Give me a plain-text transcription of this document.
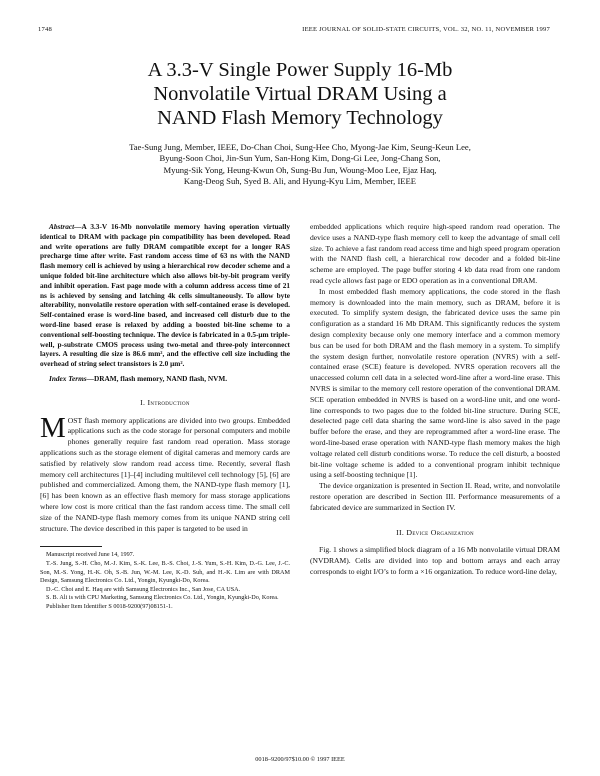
1748	IEEE JOURNAL OF SOLID-STATE CIRCUITS, VOL. 32, NO. 11, NOVEMBER 1997
A 3.3-V Single Power Supply 16-Mb
Nonvolatile Virtual DRAM Using a
NAND Flash Memory Technology
Tae-Sung Jung, Member, IEEE, Do-Chan Choi, Sung-Hee Cho, Myong-Jae Kim, Seung-Keun Lee,
Byung-Soon Choi, Jin-Sun Yum, San-Hong Kim, Dong-Gi Lee, Jong-Chang Son,
Myung-Sik Yong, Heung-Kwun Oh, Sung-Bu Jun, Woung-Moo Lee, Ejaz Haq,
Kang-Deog Suh, Syed B. Ali, and Hyung-Kyu Lim, Member, IEEE

Abstract—A 3.3-V 16-Mb nonvolatile memory having operation virtually identical to DRAM with package pin compatibility has been developed. Read and write operations are fully DRAM compatible except for a longer RAS precharge time after write. Fast random access time of 63 ns with the NAND flash memory cell is achieved by using a hierarchical row decoder scheme and a unique folded bit-line architecture which also allows bit-by-bit program verify and inhibit operation. Fast page mode with a column address access time of 21 ns is achieved by sensing and latching 4k cells simultaneously. To allow byte alterability, nonvolatile restore operation with self-contained erase is developed. Self-contained erase is word-line based, and increased cell disturb due to the word-line based erase is relaxed by adding a boosted bit-line scheme to a conventional self-boosting technique. The device is fabricated in a 0.5-μm triple-well, p-substrate CMOS process using two-metal and three-poly interconnect layers. A resulting die size is 86.6 mm², and the effective cell size including the overhead of string select transistors is 2.0 μm².

Index Terms—DRAM, flash memory, NAND flash, NVM.

I. Introduction

MOST flash memory applications are divided into two groups. Embedded applications such as the code storage for personal computers and mobile phones generally require fast random read operation. Mass storage applications such as the storage element of digital cameras and memory cards are satisfied by relatively slow random read access time. Recently, several flash memory cell architectures [1]–[4] including multilevel cell technology [5], [6] are published and commercialized. Among them, the NAND-type flash memory [1], [6] has been known as an effective flash memory for mass storage applications where low cost is more critical than the fast random access time. The small cell size of the NAND-type flash memory comes from its unique NAND string cell structure. The device described in this paper is targeted to be used in

Manuscript received June 14, 1997.
T.-S. Jung, S.-H. Cho, M.-J. Kim, S.-K. Lee, B.-S. Choi, J.-S. Yum, S.-H. Kim, D.-G. Lee, J.-C. Son, M.-S. Yong, H.-K. Oh, S.-B. Jun, W.-M. Lee, K.-D. Suh, and H.-K. Lim are with DRAM Design, Samsung Electronics Co. Ltd., Yongin, Kyungki-Do, Korea.
D.-C. Choi and E. Haq are with Samsung Electronics Inc., San Jose, CA USA.
S. B. Ali is with CPU Marketing, Samsung Electronics Co. Ltd., Yongin, Kyungki-Do, Korea.
Publisher Item Identifier S 0018-9200(97)08151-1.

embedded applications which require high-speed random read operation. The device uses a NAND-type flash memory cell to keep the advantage of small cell size. To achieve a fast random read access time and high speed program operation with the NAND flash cell, a hierarchical row decoder and a folded bit-line scheme are employed. The page buffer storing 4 kb data read from one random read cycle allows fast page or EDO operation as in a conventional DRAM.

In most embedded flash memory applications, the code stored in the flash memory is downloaded into the main memory, such as DRAM, before it is executed. To simplify system design, the fabricated device uses the same pin configuration as a standard 16 Mb DRAM. This significantly reduces the system design complexity because only one memory interface and a common memory bus can be used for both DRAM and the flash memory in a system. To simplify the system design further, nonvolatile restore operation (NVRS) with a self-contained erase (SCE) feature is developed. NVRS operation recovers all the unaccessed column cell data in a selected word-line after a word-line erase. This NVRS is similar to the memory cell restore operation of the conventional DRAM. SCE operation embedded in NVRS is based on a word-line unit, and one word-line corresponds to two pages due to the folded bit-line structure. During SCE, deselected page cell data sharing the same word-line is also saved in the page buffer before the erase, and they are reprogrammed after a word-line erase. The word-line-based erase operation with NAND-type flash memory makes the high voltage related cell disturb conditions worse. To reduce the cell disturb, a boosted bit-line voltage scheme is added to a conventional program inhibit technique using a self-boosting technique [1].

The device organization is presented in Section II. Read, write, and nonvolatile restore operation are described in Section III. Performance measurements of a fabricated device are summarized in Section IV.

II. Device Organization

Fig. 1 shows a simplified block diagram of a 16 Mb nonvolatile virtual DRAM (NVDRAM). Cells are divided into top and bottom arrays and each array corresponds to eight I/O’s to form a ×16 organization. To reduce word-line delay,

0018–9200/97$10.00 © 1997 IEEE
